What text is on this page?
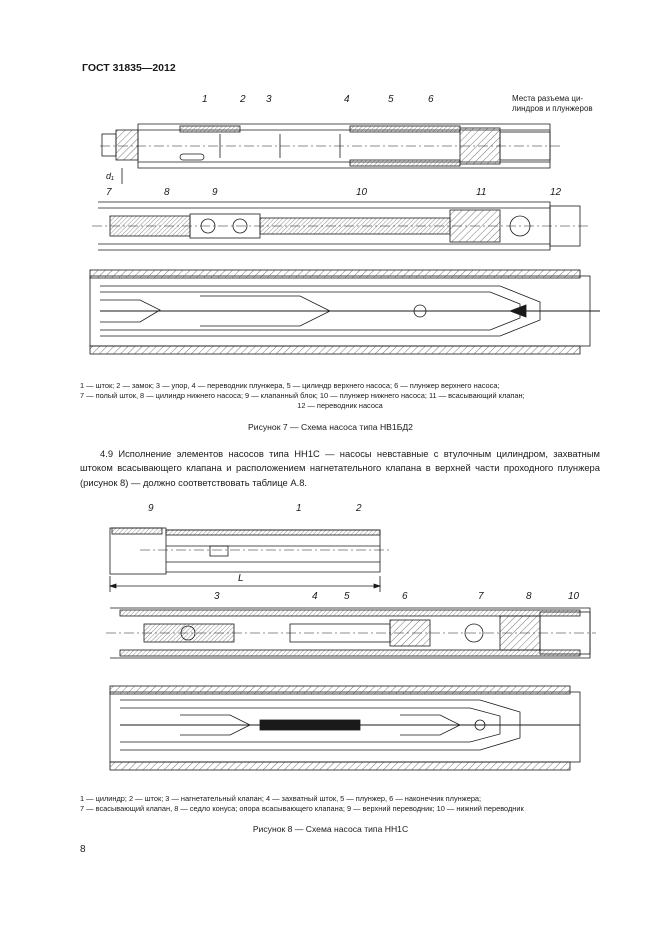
ГОСТ 31835—2012
1	2 3	4	5	6	Места разъема ци-
линдров и плунжеров
d₁
7	8	9	10	11	12

1 — шток; 2 — замок; 3 — упор, 4 — переводник плунжера, 5 — цилиндр верхнего насоса; 6 — плунжер верхнего насоса;

7 — полый шток, 8 — цилиндр нижнего насоса; 9 — клапанный блок; 10 — плунжер нижнего насоса; 11 — всасывающий клапан;

12 — переводник насоса

Рисунок 7 — Схема насоса типа НВ1БД2

4.9 Исполнение элементов насосов типа НН1С — насосы невставные с втулочным цилиндром, захватным штоком всасывающего клапана и расположением нагнетательного клапана в верхней части проходного плунжера (рисунок 8) — должно соответствовать таблице А.8.

9	1	2
L
3	4	5	6	7	8	10

1 — цилиндр; 2 — шток; 3 — нагнетательный клапан; 4 — захватный шток, 5 — плунжер, 6 — наконечник плунжера;

7 — всасывающий клапан, 8 — седло конуса; опора всасывающего клапана; 9 — верхний переводник; 10 — нижний переводник

Рисунок 8 — Схема насоса типа НН1С
8
